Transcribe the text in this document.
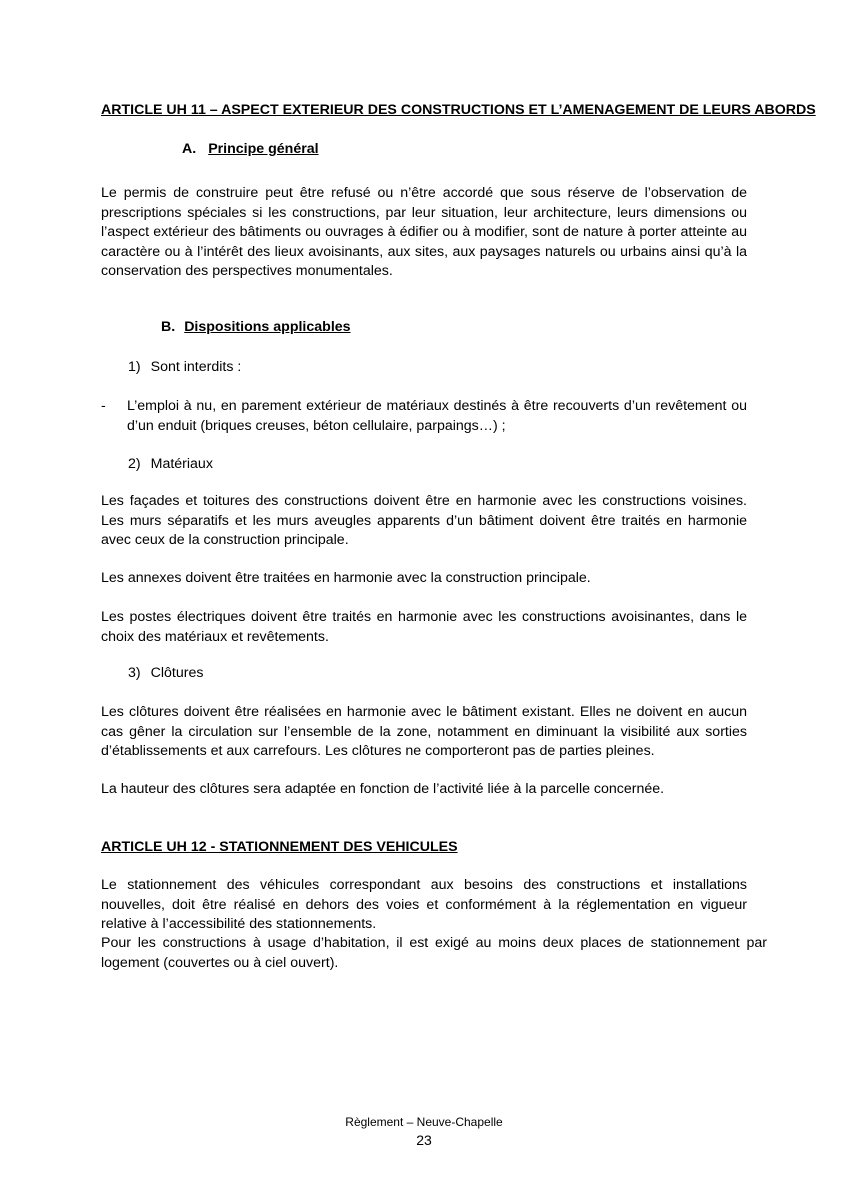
ARTICLE UH 11 – ASPECT EXTERIEUR DES CONSTRUCTIONS ET L’AMENAGEMENT DE LEURS ABORDS
A. Principe général
Le permis de construire peut être refusé ou n’être accordé que sous réserve de l’observation de prescriptions spéciales si les constructions, par leur situation, leur architecture, leurs dimensions ou l’aspect extérieur des bâtiments ou ouvrages à édifier ou à modifier, sont de nature à porter atteinte au caractère ou à l’intérêt des lieux avoisinants, aux sites, aux paysages naturels ou urbains ainsi qu’à la conservation des perspectives monumentales.
B. Dispositions applicables
1) Sont interdits :
- L’emploi à nu, en parement extérieur de matériaux destinés à être recouverts d’un revêtement ou d’un enduit (briques creuses, béton cellulaire, parpaings…) ;
2) Matériaux
Les façades et toitures des constructions doivent être en harmonie avec les constructions voisines. Les murs séparatifs et les murs aveugles apparents d’un bâtiment doivent être traités en harmonie avec ceux de la construction principale.
Les annexes doivent être traitées en harmonie avec la construction principale.
Les postes électriques doivent être traités en harmonie avec les constructions avoisinantes, dans le choix des matériaux et revêtements.
3) Clôtures
Les clôtures doivent être réalisées en harmonie avec le bâtiment existant. Elles ne doivent en aucun cas gêner la circulation sur l’ensemble de la zone, notamment en diminuant la visibilité aux sorties d’établissements et aux carrefours. Les clôtures ne comporteront pas de parties pleines.
La hauteur des clôtures sera adaptée en fonction de l’activité liée à la parcelle concernée.
ARTICLE UH 12 - STATIONNEMENT DES VEHICULES
Le stationnement des véhicules correspondant aux besoins des constructions et installations nouvelles, doit être réalisé en dehors des voies et conformément à la réglementation en vigueur relative à l’accessibilité des stationnements.
Pour les constructions à usage d’habitation, il est exigé au moins deux places de stationnement par logement (couvertes ou à ciel ouvert).
Règlement – Neuve-Chapelle
23
